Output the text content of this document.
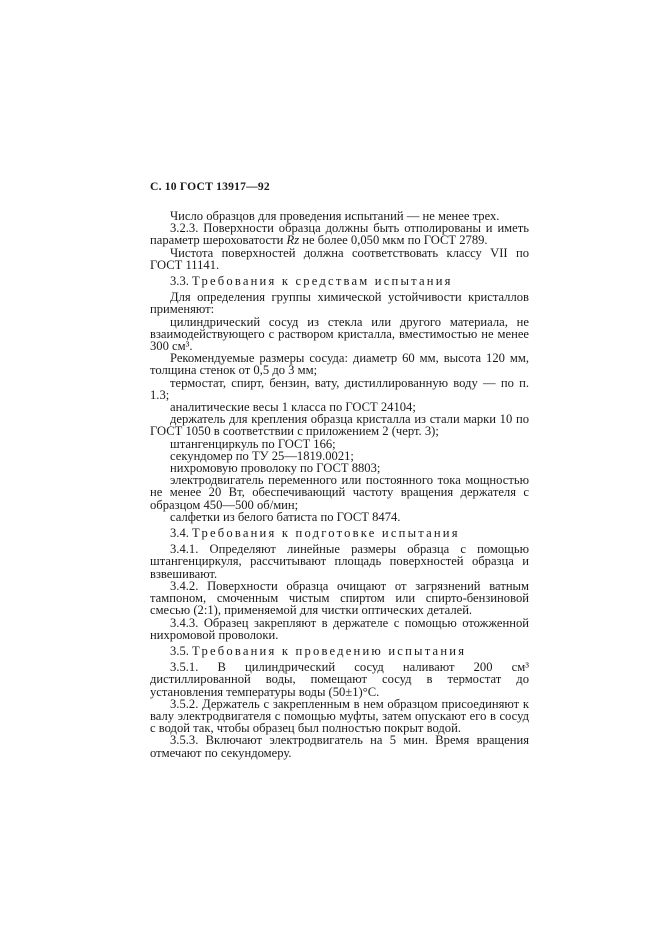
С. 10 ГОСТ 13917—92

Число образцов для проведения испытаний — не менее трех.

3.2.3. Поверхности образца должны быть отполированы и иметь параметр шероховатости Rz не более 0,050 мкм по ГОСТ 2789.

Чистота поверхностей должна соответствовать классу VII по ГОСТ 11141.

3.3. Требования к средствам испытания

Для определения группы химической устойчивости кристаллов применяют:

цилиндрический сосуд из стекла или другого материала, не взаимодействующего с раствором кристалла, вместимостью не менее 300 см³.

Рекомендуемые размеры сосуда: диаметр 60 мм, высота 120 мм, толщина стенок от 0,5 до 3 мм;

термостат, спирт, бензин, вату, дистиллированную воду — по п. 1.3;

аналитические весы 1 класса по ГОСТ 24104;

держатель для крепления образца кристалла из стали марки 10 по ГОСТ 1050 в соответствии с приложением 2 (черт. 3);

штангенциркуль по ГОСТ 166;

секундомер по ТУ 25—1819.0021;

нихромовую проволоку по ГОСТ 8803;

электродвигатель переменного или постоянного тока мощностью не менее 20 Вт, обеспечивающий частоту вращения держателя с образцом 450—500 об/мин;

салфетки из белого батиста по ГОСТ 8474.

3.4. Требования к подготовке испытания

3.4.1. Определяют линейные размеры образца с помощью штангенциркуля, рассчитывают площадь поверхностей образца и взвешивают.

3.4.2. Поверхности образца очищают от загрязнений ватным тампоном, смоченным чистым спиртом или спирто-бензиновой смесью (2:1), применяемой для чистки оптических деталей.

3.4.3. Образец закрепляют в держателе с помощью отожженной нихромовой проволоки.

3.5. Требования к проведению испытания

3.5.1. В цилиндрический сосуд наливают 200 см³ дистиллированной воды, помещают сосуд в термостат до установления температуры воды (50±1)°С.

3.5.2. Держатель с закрепленным в нем образцом присоединяют к валу электродвигателя с помощью муфты, затем опускают его в сосуд с водой так, чтобы образец был полностью покрыт водой.

3.5.3. Включают электродвигатель на 5 мин. Время вращения отмечают по секундомеру.
